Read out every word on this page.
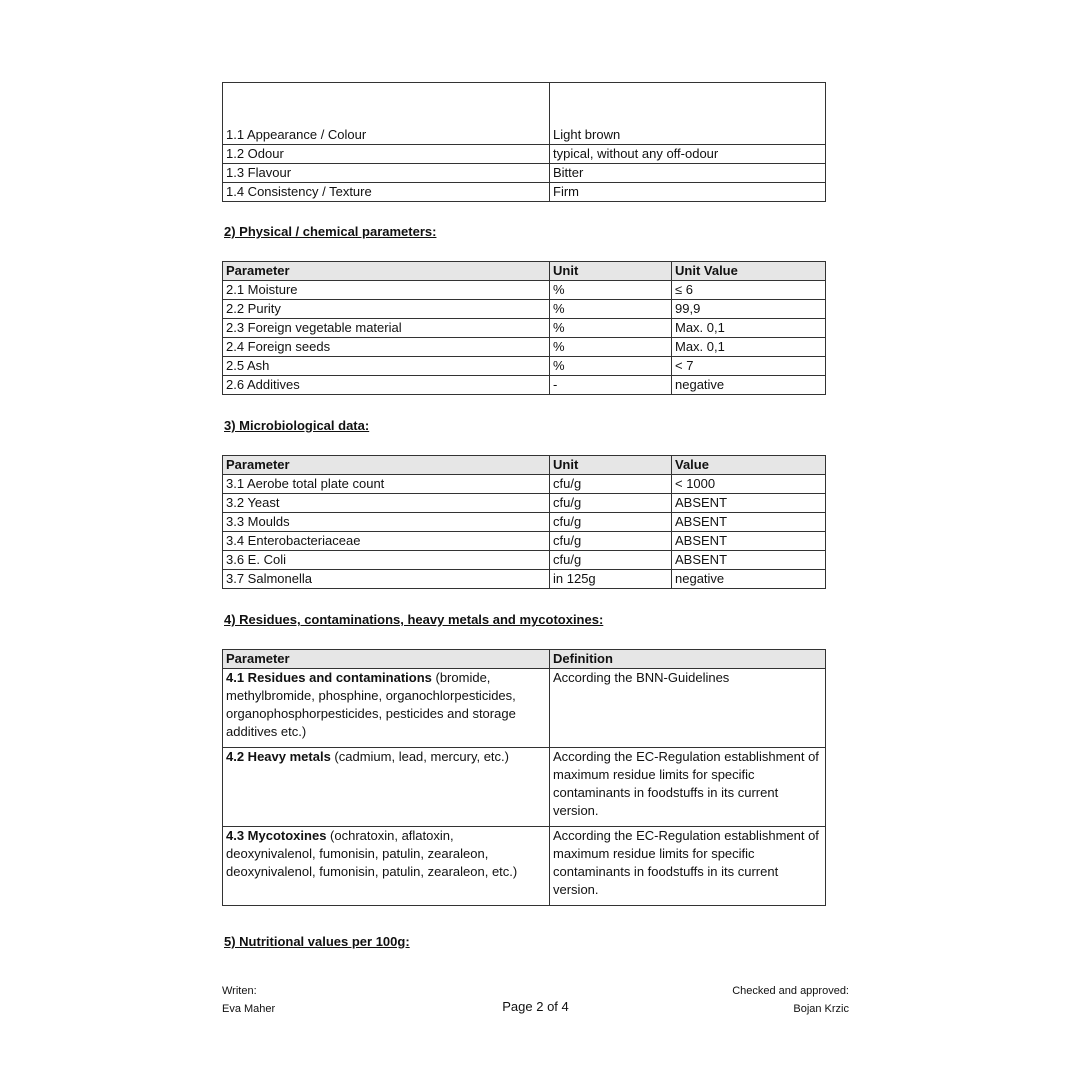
1.1 Appearance / Colour	Light brown
1.2 Odour	typical, without any off-odour
1.3 Flavour	Bitter
1.4 Consistency / Texture	Firm
2) Physical / chemical parameters:
Parameter	Unit	Unit Value
2.1 Moisture	%	≤ 6
2.2 Purity	%	99,9
2.3 Foreign vegetable material	%	Max. 0,1
2.4 Foreign seeds	%	Max. 0,1
2.5 Ash	%	< 7
2.6 Additives	-	negative
3) Microbiological data:
Parameter	Unit	Value
3.1 Aerobe total plate count	cfu/g	< 1000
3.2 Yeast	cfu/g	ABSENT
3.3 Moulds	cfu/g	ABSENT
3.4 Enterobacteriaceae	cfu/g	ABSENT
3.6 E. Coli	cfu/g	ABSENT
3.7 Salmonella	in 125g	negative
4) Residues, contaminations, heavy metals and mycotoxines:
Parameter	Definition
4.1 Residues and contaminations (bromide, methylbromide, phosphine, organochlorpesticides, organophosphorpesticides, pesticides and storage additives etc.)	According the BNN-Guidelines
4.2 Heavy metals (cadmium, lead, mercury, etc.)	According the EC-Regulation establishment of maximum residue limits for specific contaminants in foodstuffs in its current version.
4.3 Mycotoxines (ochratoxin, aflatoxin, deoxynivalenol, fumonisin, patulin, zearaleon, deoxynivalenol, fumonisin, patulin, zearaleon, etc.)	According the EC-Regulation establishment of maximum residue limits for specific contaminants in foodstuffs in its current version.
5) Nutritional values per 100g:
Writen:
Eva Maher	Page 2 of 4
Checked and approved:
Bojan Krzic
